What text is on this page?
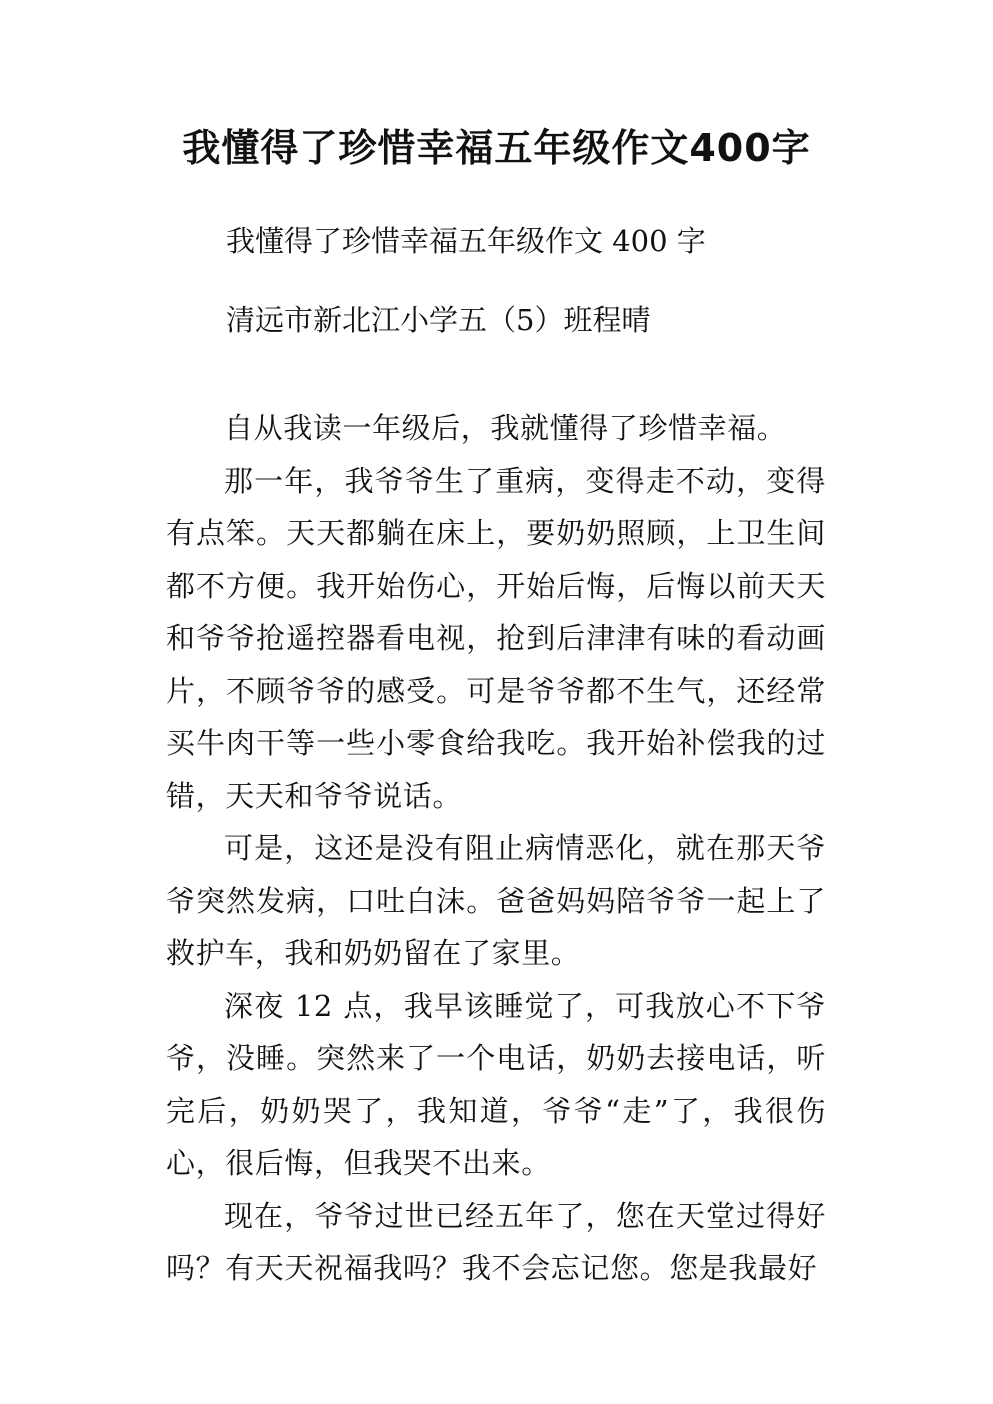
我懂得了珍惜幸福五年级作文400字
我懂得了珍惜幸福五年级作文 400 字
清远市新北江小学五（5）班程晴

自从我读一年级后，我就懂得了珍惜幸福。

那一年，我爷爷生了重病，变得走不动，变得有点笨。天天都躺在床上，要奶奶照顾，上卫生间都不方便。我开始伤心，开始后悔，后悔以前天天和爷爷抢遥控器看电视，抢到后津津有味的看动画片，不顾爷爷的感受。可是爷爷都不生气，还经常买牛肉干等一些小零食给我吃。我开始补偿我的过错，天天和爷爷说话。

可是，这还是没有阻止病情恶化，就在那天爷爷突然发病，口吐白沫。爸爸妈妈陪爷爷一起上了救护车，我和奶奶留在了家里。

深夜 12 点，我早该睡觉了，可我放心不下爷爷，没睡。突然来了一个电话，奶奶去接电话，听完后，奶奶哭了，我知道，爷爷“走”了，我很伤心，很后悔，但我哭不出来。

现在，爷爷过世已经五年了，您在天堂过得好吗？有天天祝福我吗？我不会忘记您。您是我最好
